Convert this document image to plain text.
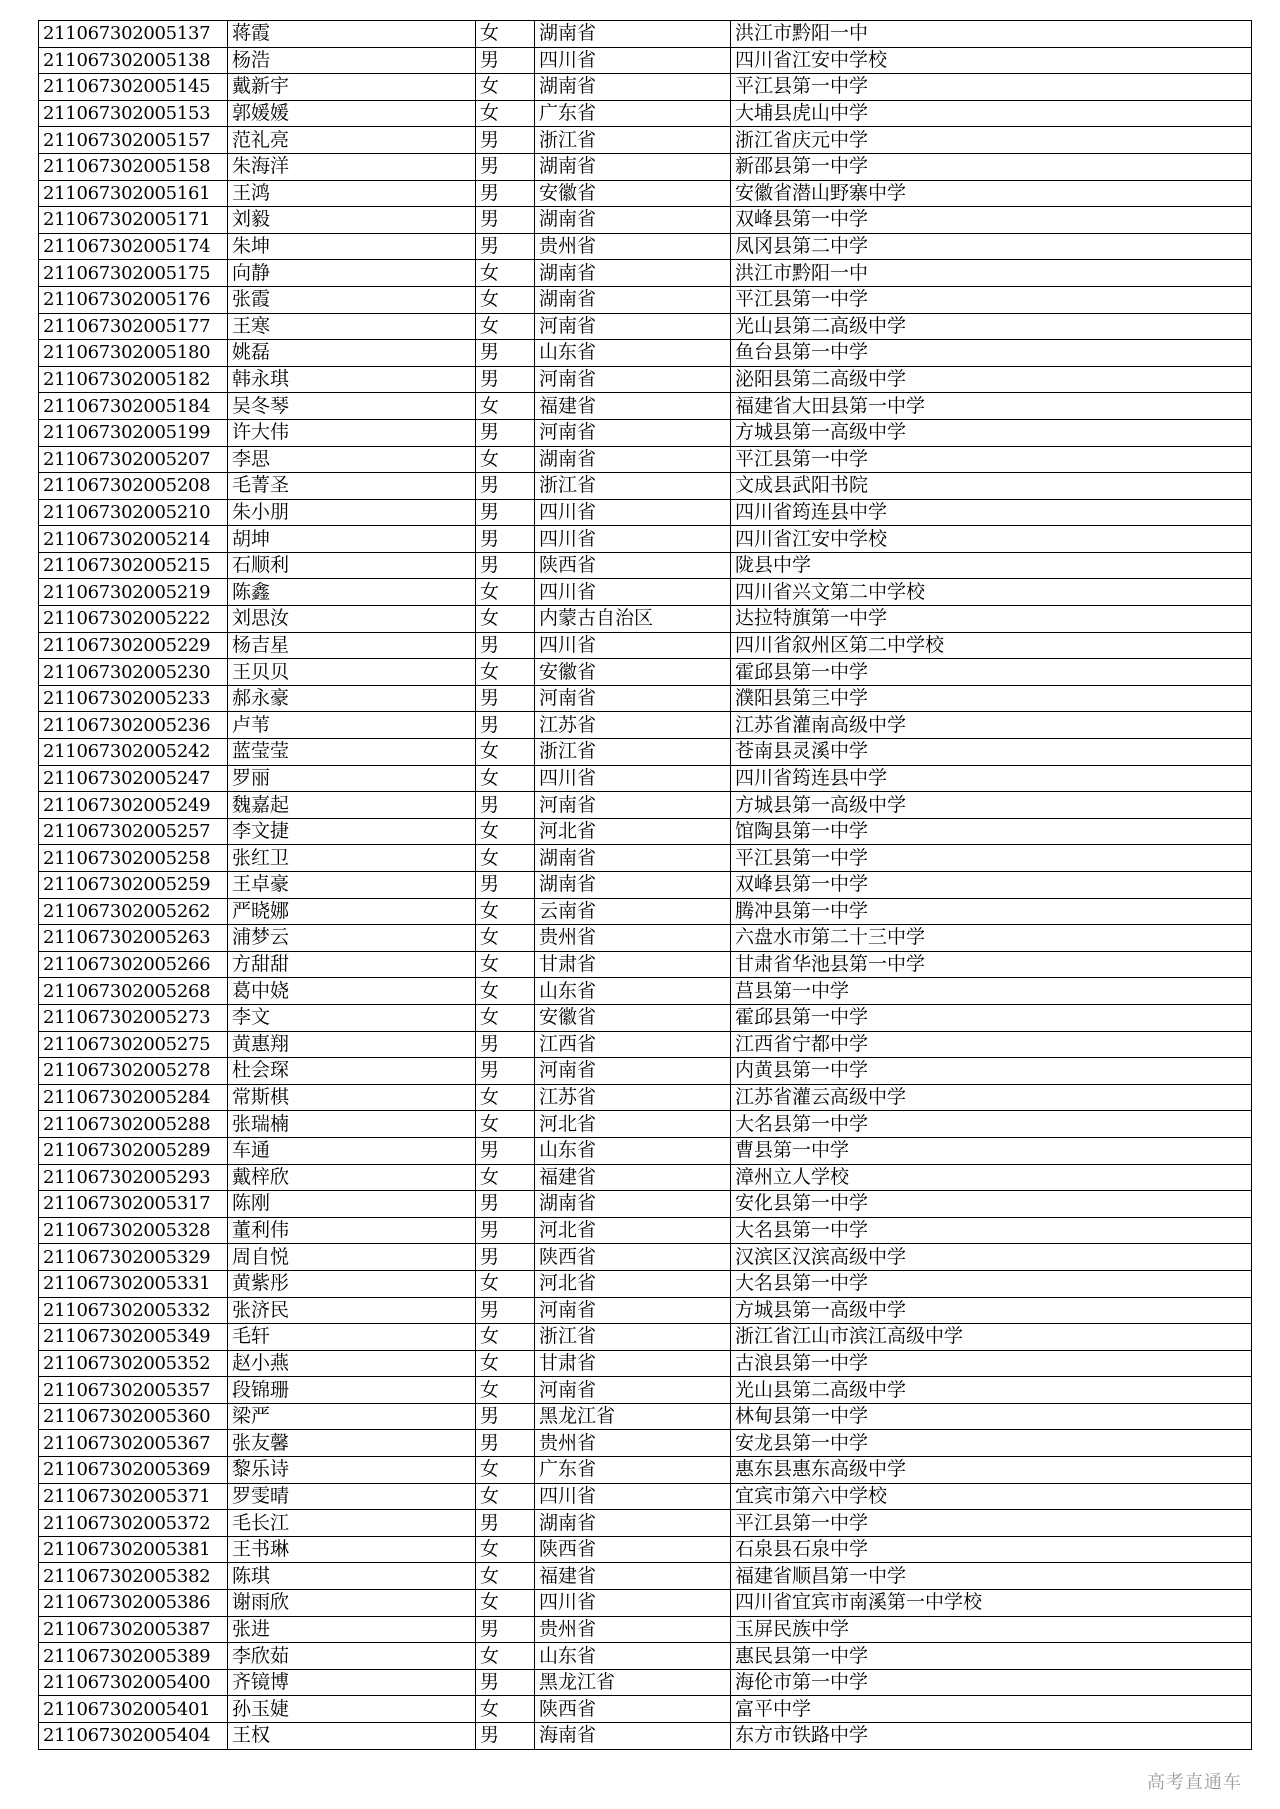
211067302005137	蒋霞	女	湖南省	洪江市黔阳一中
211067302005138	杨浩	男	四川省	四川省江安中学校
211067302005145	戴新宇	女	湖南省	平江县第一中学
211067302005153	郭媛媛	女	广东省	大埔县虎山中学
211067302005157	范礼亮	男	浙江省	浙江省庆元中学
211067302005158	朱海洋	男	湖南省	新邵县第一中学
211067302005161	王鸿	男	安徽省	安徽省潜山野寨中学
211067302005171	刘毅	男	湖南省	双峰县第一中学
211067302005174	朱坤	男	贵州省	凤冈县第二中学
211067302005175	向静	女	湖南省	洪江市黔阳一中
211067302005176	张霞	女	湖南省	平江县第一中学
211067302005177	王寒	女	河南省	光山县第二高级中学
211067302005180	姚磊	男	山东省	鱼台县第一中学
211067302005182	韩永琪	男	河南省	泌阳县第二高级中学
211067302005184	吴冬琴	女	福建省	福建省大田县第一中学
211067302005199	许大伟	男	河南省	方城县第一高级中学
211067302005207	李思	女	湖南省	平江县第一中学
211067302005208	毛菁圣	男	浙江省	文成县武阳书院
211067302005210	朱小朋	男	四川省	四川省筠连县中学
211067302005214	胡坤	男	四川省	四川省江安中学校
211067302005215	石顺利	男	陕西省	陇县中学
211067302005219	陈鑫	女	四川省	四川省兴文第二中学校
211067302005222	刘思汝	女	内蒙古自治区	达拉特旗第一中学
211067302005229	杨吉星	男	四川省	四川省叙州区第二中学校
211067302005230	王贝贝	女	安徽省	霍邱县第一中学
211067302005233	郝永豪	男	河南省	濮阳县第三中学
211067302005236	卢苇	男	江苏省	江苏省灌南高级中学
211067302005242	蓝莹莹	女	浙江省	苍南县灵溪中学
211067302005247	罗丽	女	四川省	四川省筠连县中学
211067302005249	魏嘉起	男	河南省	方城县第一高级中学
211067302005257	李文捷	女	河北省	馆陶县第一中学
211067302005258	张红卫	女	湖南省	平江县第一中学
211067302005259	王卓豪	男	湖南省	双峰县第一中学
211067302005262	严晓娜	女	云南省	腾冲县第一中学
211067302005263	浦梦云	女	贵州省	六盘水市第二十三中学
211067302005266	方甜甜	女	甘肃省	甘肃省华池县第一中学
211067302005268	葛中娆	女	山东省	莒县第一中学
211067302005273	李文	女	安徽省	霍邱县第一中学
211067302005275	黄惠翔	男	江西省	江西省宁都中学
211067302005278	杜会琛	男	河南省	内黄县第一中学
211067302005284	常斯棋	女	江苏省	江苏省灌云高级中学
211067302005288	张瑞楠	女	河北省	大名县第一中学
211067302005289	车通	男	山东省	曹县第一中学
211067302005293	戴梓欣	女	福建省	漳州立人学校
211067302005317	陈刚	男	湖南省	安化县第一中学
211067302005328	董利伟	男	河北省	大名县第一中学
211067302005329	周自悦	男	陕西省	汉滨区汉滨高级中学
211067302005331	黄紫彤	女	河北省	大名县第一中学
211067302005332	张济民	男	河南省	方城县第一高级中学
211067302005349	毛轩	女	浙江省	浙江省江山市滨江高级中学
211067302005352	赵小燕	女	甘肃省	古浪县第一中学
211067302005357	段锦珊	女	河南省	光山县第二高级中学
211067302005360	梁严	男	黑龙江省	林甸县第一中学
211067302005367	张友馨	男	贵州省	安龙县第一中学
211067302005369	黎乐诗	女	广东省	惠东县惠东高级中学
211067302005371	罗雯晴	女	四川省	宜宾市第六中学校
211067302005372	毛长江	男	湖南省	平江县第一中学
211067302005381	王书琳	女	陕西省	石泉县石泉中学
211067302005382	陈琪	女	福建省	福建省顺昌第一中学
211067302005386	谢雨欣	女	四川省	四川省宜宾市南溪第一中学校
211067302005387	张进	男	贵州省	玉屏民族中学
211067302005389	李欣茹	女	山东省	惠民县第一中学
211067302005400	齐镜博	男	黑龙江省	海伦市第一中学
211067302005401	孙玉婕	女	陕西省	富平中学
211067302005404	王权	男	海南省	东方市铁路中学
高考直通车
